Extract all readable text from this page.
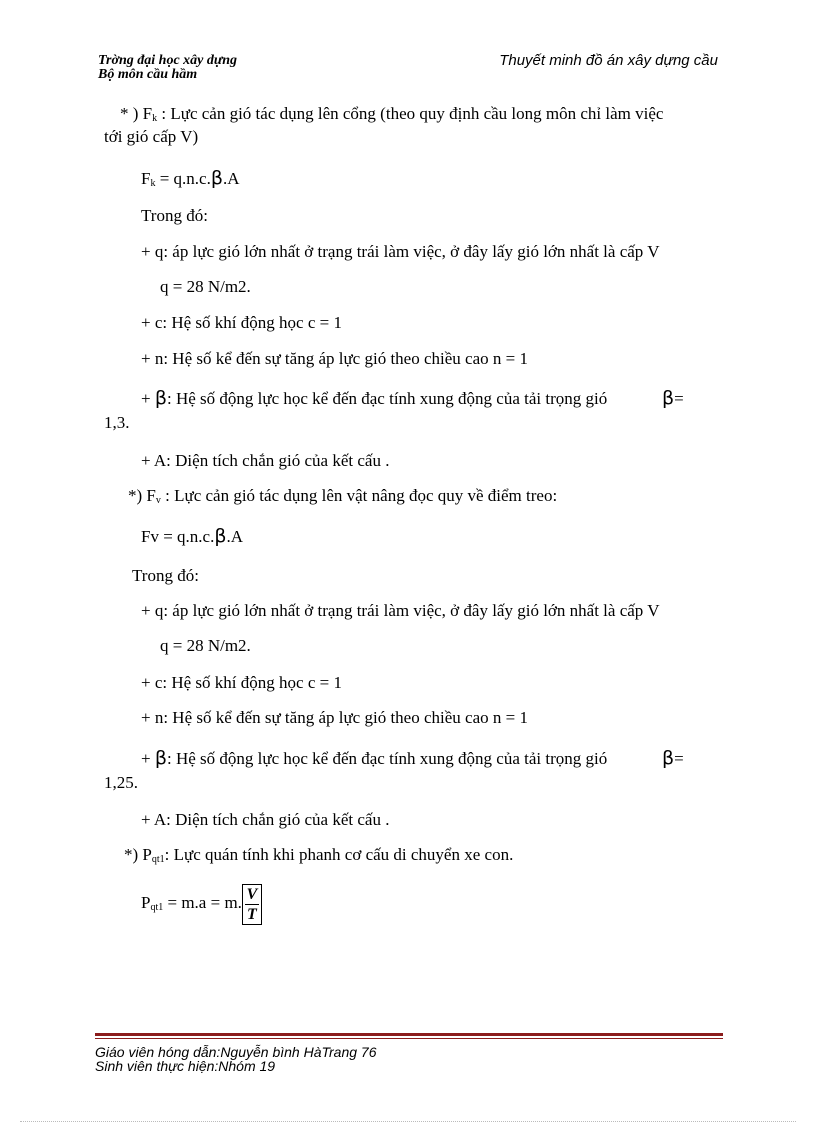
Trờng đại học xây dựng
Bộ môn cầu hầm
Thuyết minh đồ án xây dựng cầu
* ) $F_k$ : Lực cản gió tác dụng lên cổng (theo quy định cầu long môn chỉ làm việc
tới gió cấp V)
$F_k = q.n.c.\beta.A$
Trong đó:
+ q: áp lực gió lớn nhất ở trạng trái làm việc, ở đây lấy gió lớn nhất là cấp V
q = 28 N/m2.
+ c: Hệ số khí động học c = 1
+ n: Hệ số kể đến sự tăng áp lực gió theo chiều cao n = 1
+ β: Hệ số động lực học kể đến đạc tính xung động của tải trọng gió	β=
1,3.
+ A: Diện tích chắn gió của kết cấu .
*) $F_v$ : Lực cản gió tác dụng lên vật nâng đọc quy về điểm treo:
Fv = q.n.c.β.A
Trong đó:
+ q: áp lực gió lớn nhất ở trạng trái làm việc, ở đây lấy gió lớn nhất là cấp V
q = 28 N/m2.
+ c: Hệ số khí động học c = 1
+ n: Hệ số kể đến sự tăng áp lực gió theo chiều cao n = 1
+ β: Hệ số động lực học kể đến đạc tính xung động của tải trọng gió	β=
1,25.
+ A: Diện tích chắn gió của kết cấu .
*) $P_{qt1}$: Lực quán tính khi phanh cơ cấu di chuyển xe con.
$P_{qt1} = m.a = m$. $\frac{V}{T}$
Giáo viên hóng dẫn:Nguyễn bình HàTrang 76
Sinh viên thực hiện:Nhóm 19
